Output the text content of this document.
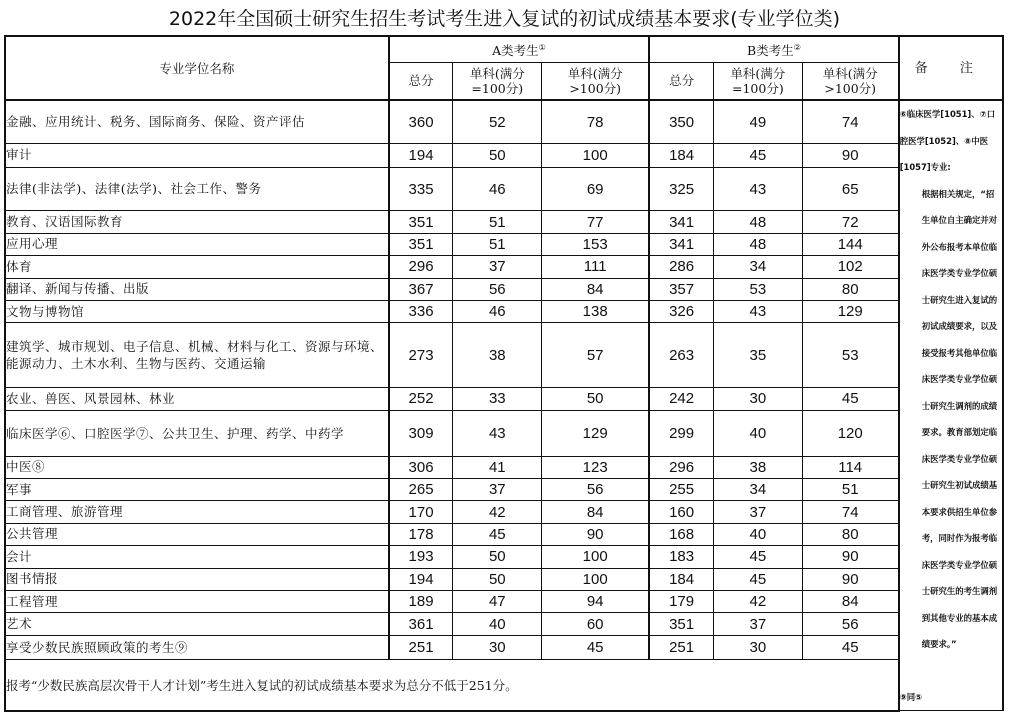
2022年全国硕士研究生招生考试考生进入复试的初试成绩基本要求(专业学位类)
专业学位名称	A类考生①			B类考生②			备 注
	总分	单科(满分=100分)	单科(满分>100分)	总分	单科(满分=100分)	单科(满分>100分)	
金融、应用统计、税务、国际商务、保险、资产评估	360	52	78	350	49	74	⑥临床医学[1051]、⑦口腔医学[1052]、⑧中医[1057]专业:

根据相关规定，“招生单位自主确定并对外公布报考本单位临床医学类专业学位硕士研究生进入复试的初试成绩要求，以及接受报考其他单位临床医学类专业学位硕士研究生调剂的成绩要求。教育部划定临床医学类专业学位硕士研究生初试成绩基本要求供招生单位参考，同时作为报考临床医学类专业学位硕士研究生的考生调剂到其他专业的基本成绩要求。”

⑨同⑤

审计	194	50	100	184	45	90	
法律(非法学)、法律(法学)、社会工作、警务	335	46	69	325	43	65	
教育、汉语国际教育	351	51	77	341	48	72	
应用心理	351	51	153	341	48	144	
体育	296	37	111	286	34	102	
翻译、新闻与传播、出版	367	56	84	357	53	80	
文物与博物馆	336	46	138	326	43	129	
建筑学、城市规划、电子信息、机械、材料与化工、资源与环境、能源动力、土木水利、生物与医药、交通运输	273	38	57	263	35	53	
农业、兽医、风景园林、林业	252	33	50	242	30	45	
临床医学⑥、口腔医学⑦、公共卫生、护理、药学、中药学	309	43	129	299	40	120	
中医⑧	306	41	123	296	38	114	
军事	265	37	56	255	34	51	
工商管理、旅游管理	170	42	84	160	37	74	
公共管理	178	45	90	168	40	80	
会计	193	50	100	183	45	90	
图书情报	194	50	100	184	45	90	
工程管理	189	47	94	179	42	84	
艺术	361	40	60	351	37	56	
享受少数民族照顾政策的考生⑨	251	30	45	251	30	45	
报考“少数民族高层次骨干人才计划”考生进入复试的初试成绩基本要求为总分不低于251分。							
